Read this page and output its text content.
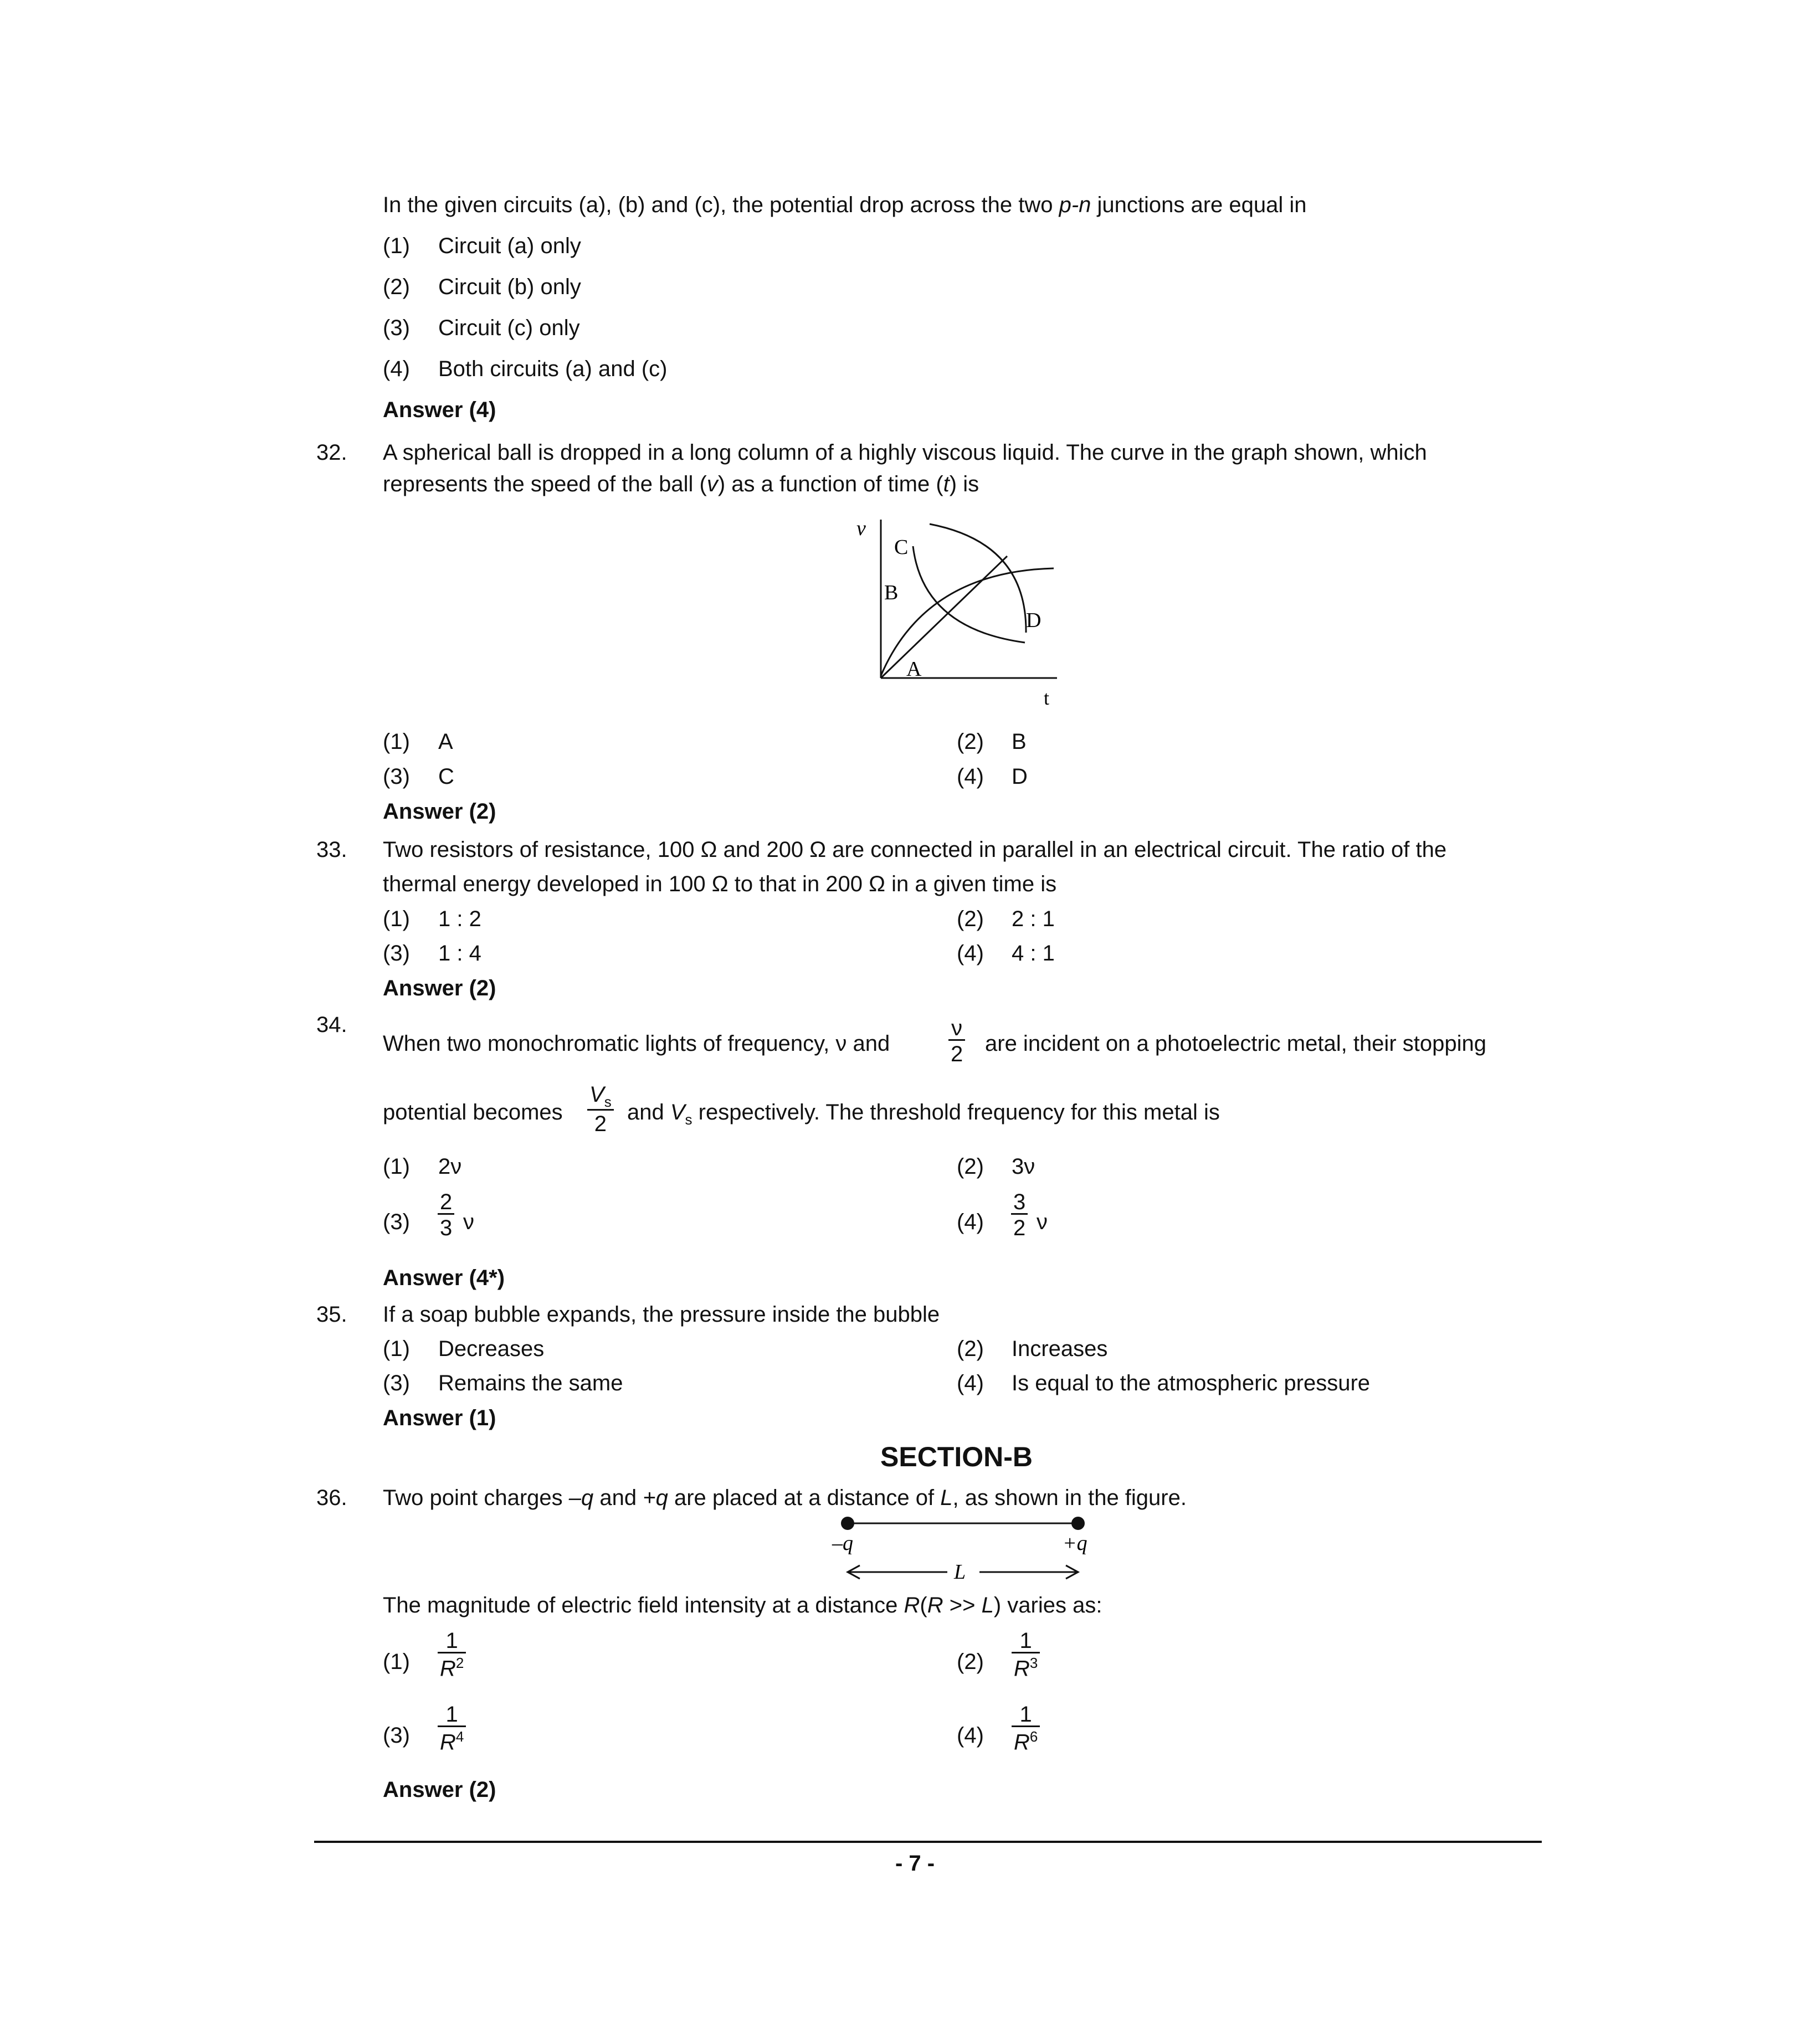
In the given circuits (a), (b) and (c), the potential drop across the two p-n junctions are equal in
(1) Circuit (a) only
(2) Circuit (b) only
(3) Circuit (c) only
(4) Both circuits (a) and (c)
Answer (4)
32. A spherical ball is dropped in a long column of a highly viscous liquid. The curve in the graph shown, which
represents the speed of the ball (v) as a function of time (t) is
v
t
C
B
A
D
(1) A	(2) B
(3) C	(4) D
Answer (2)
33. Two resistors of resistance, 100 Ω and 200 Ω are connected in parallel in an electrical circuit. The ratio of the
thermal energy developed in 100 Ω to that in 200 Ω in a given time is
(1) 1 : 2	(2) 2 : 1
(3) 1 : 4	(4) 4 : 1
Answer (2)
34.
When two monochromatic lights of frequency, ν and	$\frac{\nu}{2}$ are incident on a photoelectric metal, their stopping
potential becomes $\frac{V_s}{2}$ and $V_s$ respectively. The threshold frequency for this metal is
(1) 2ν	(2) 3ν
$(3) \frac{2}{3}$ ν	$(4) \frac{3}{2}$ ν
Answer (4*)
35. If a soap bubble expands, the pressure inside the bubble
(1) Decreases	(2) Increases
(3) Remains the same	(4) Is equal to the atmospheric pressure
Answer (1)
SECTION-B
36. Two point charges –q and +q are placed at a distance of L, as shown in the figure.
–q	+q
L
The magnitude of electric field intensity at a distance R(R >> L) varies as:
$(1) \frac{1}{R^2}$	$(2) \frac{1}{R^3}$
$(3) \frac{1}{R^4}$	$(4) \frac{1}{R^6}$
Answer (2)
- 7 -
